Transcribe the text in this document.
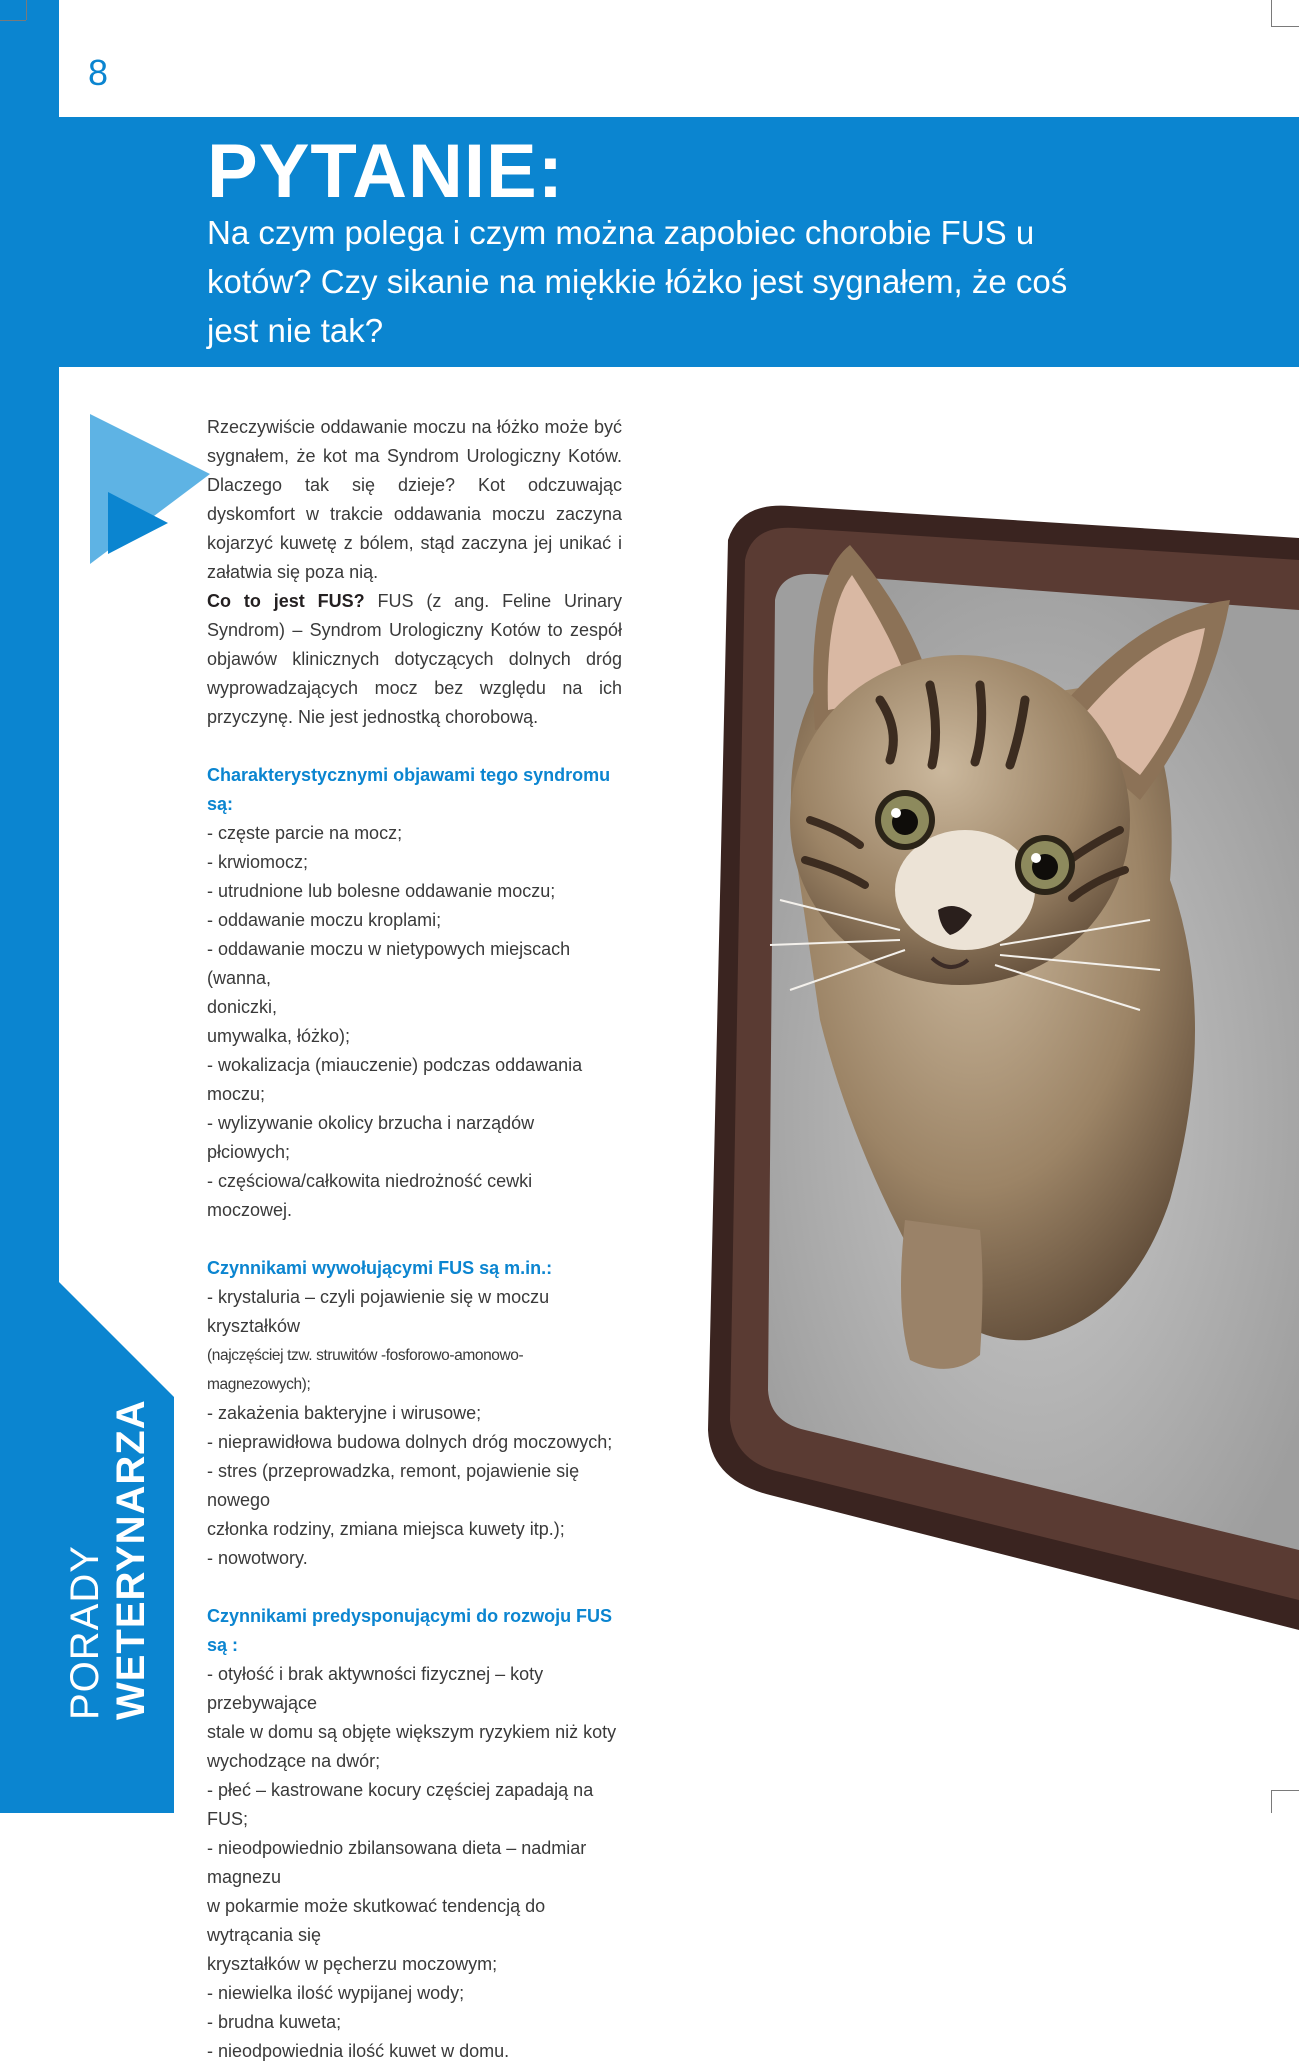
8
PYTANIE:
Na czym polega i czym można zapobiec chorobie FUS u kotów? Czy sikanie na miękkie łóżko jest sygnałem, że coś jest nie tak?

Rzeczywiście oddawanie moczu na łóżko może być sygnałem, że kot ma Syndrom Urologiczny Kotów. Dlaczego tak się dzieje? Kot odczuwając dyskomfort w trakcie oddawania moczu zaczyna kojarzyć kuwetę z bólem, stąd zaczyna jej unikać i załatwia się poza nią.
Co to jest FUS? FUS (z ang. Feline Urinary Syndrom) – Syndrom Urologiczny Kotów to zespół objawów klinicznych dotyczących dolnych dróg wyprowadzających mocz bez względu na ich przyczynę. Nie jest jednostką chorobową.

Charakterystycznymi objawami tego syndromu są:

- częste parcie na mocz;
- krwiomocz;
- utrudnione lub bolesne oddawanie moczu;
- oddawanie moczu kroplami;
- oddawanie moczu w nietypowych miejscach (wanna,
doniczki,
umywalka, łóżko);
- wokalizacja (miauczenie) podczas oddawania moczu;
- wylizywanie okolicy brzucha i narządów płciowych;
- częściowa/całkowita niedrożność cewki moczowej.

Czynnikami wywołującymi FUS są m.in.:

- krystaluria – czyli pojawienie się w moczu kryształków
(najczęściej tzw. struwitów -fosforowo-amonowo-magnezowych);
- zakażenia bakteryjne i wirusowe;
- nieprawidłowa budowa dolnych dróg moczowych;
- stres (przeprowadzka, remont, pojawienie się nowego
członka rodziny, zmiana miejsca kuwety itp.);
- nowotwory.

Czynnikami predysponującymi do rozwoju FUS są :

- otyłość i brak aktywności fizycznej – koty przebywające
stale w domu są objęte większym ryzykiem niż koty
wychodzące na dwór;
- płeć – kastrowane kocury częściej zapadają na FUS;
- nieodpowiednio zbilansowana dieta – nadmiar magnezu
w pokarmie może skutkować tendencją do wytrącania się
kryształków w pęcherzu moczowym;
- niewielka ilość wypijanej wody;
- brudna kuweta;
- nieodpowiednia ilość kuwet w domu.
PORADY WETERYNARZA
